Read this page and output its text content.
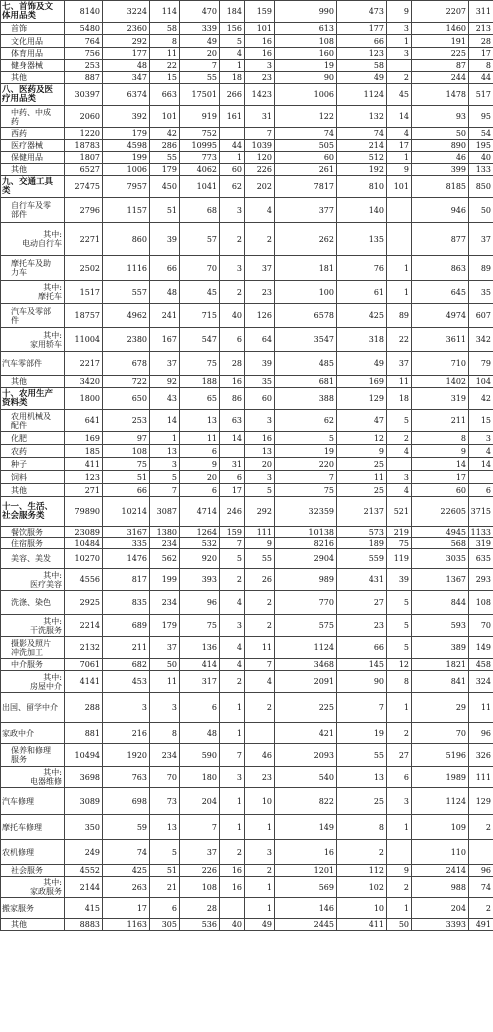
七、首饰及文
体用品类	8140	3224	114	470	184	159	990	473	9	2207	311
首饰	5480	2360	58	339	156	101	613	177	3	1460	213
文化用品	764	292	8	49	5	16	108	66	1	191	28
体育用品	756	177	11	20	4	16	160	123	3	225	17
健身器械	253	48	22	7	1	3	19	58		87	8
其他	887	347	15	55	18	23	90	49	2	244	44
八、医药及医
疗用品类	30397	6374	663	17501	266	1423	1006	1124	45	1478	517
中药、中成
药	2060	392	101	919	161	31	122	132	14	93	95
西药	1220	179	42	752		7	74	74	4	50	54
医疗器械	18783	4598	286	10995	44	1039	505	214	17	890	195
保健用品	1807	199	55	773	1	120	60	512	1	46	40
其他	6527	1006	179	4062	60	226	261	192	9	399	133
九、交通工具
类	27475	7957	450	1041	62	202	7817	810	101	8185	850
自行车及零
部件	2796	1157	51	68	3	4	377	140		946	50
其中:
电动自行车	2271	860	39	57	2	2	262	135		877	37
摩托车及助
力车	2502	1116	66	70	3	37	181	76	1	863	89
其中:
摩托车	1517	557	48	45	2	23	100	61	1	645	35
汽车及零部
件	18757	4962	241	715	40	126	6578	425	89	4974	607
其中:
家用轿车	11004	2380	167	547	6	64	3547	318	22	3611	342
汽车零部件	2217	678	37	75	28	39	485	49	37	710	79
其他	3420	722	92	188	16	35	681	169	11	1402	104
十、农用生产
资料类	1800	650	43	65	86	60	388	129	18	319	42
农用机械及
配件	641	253	14	13	63	3	62	47	5	211	15
化肥	169	97	1	11	14	16	5	12	2	8	3
农药	185	108	13	6		13	19	9	4	9	4
种子	411	75	3	9	31	20	220	25		14	14
饲料	123	51	5	20	6	3	7	11	3	17	
其他	271	66	7	6	17	5	75	25	4	60	6
十一、生活、
社会服务类	79890	10214	3087	4714	246	292	32359	2137	521	22605	3715
餐饮服务	23089	3167	1380	1264	159	111	10138	573	219	4945	1133
住宿服务	10484	335	234	532	7	9	8216	189	75	568	319
美容、美发	10270	1476	562	920	5	55	2904	559	119	3035	635
其中:
医疗美容	4556	817	199	393	2	26	989	431	39	1367	293
洗涤、染色	2925	835	234	96	4	2	770	27	5	844	108
其中:
干洗服务	2214	689	179	75	3	2	575	23	5	593	70
摄影及照片
冲洗加工	2132	211	37	136	4	11	1124	66	5	389	149
中介服务	7061	682	50	414	4	7	3468	145	12	1821	458
其中:
房屋中介	4141	453	11	317	2	4	2091	90	8	841	324
出国、留学中介	288	3	3	6	1	2	225	7	1	29	11
家政中介	881	216	8	48	1		421	19	2	70	96
保养和修理
服务	10494	1920	234	590	7	46	2093	55	27	5196	326
其中:
电器维修	3698	763	70	180	3	23	540	13	6	1989	111
汽车修理	3089	698	73	204	1	10	822	25	3	1124	129
摩托车修理	350	59	13	7	1	1	149	8	1	109	2
农机修理	249	74	5	37	2	3	16	2		110	
社会服务	4552	425	51	226	16	2	1201	112	9	2414	96
其中:
家政服务	2144	263	21	108	16	1	569	102	2	988	74
搬家服务	415	17	6	28		1	146	10	1	204	2
其他	8883	1163	305	536	40	49	2445	411	50	3393	491
